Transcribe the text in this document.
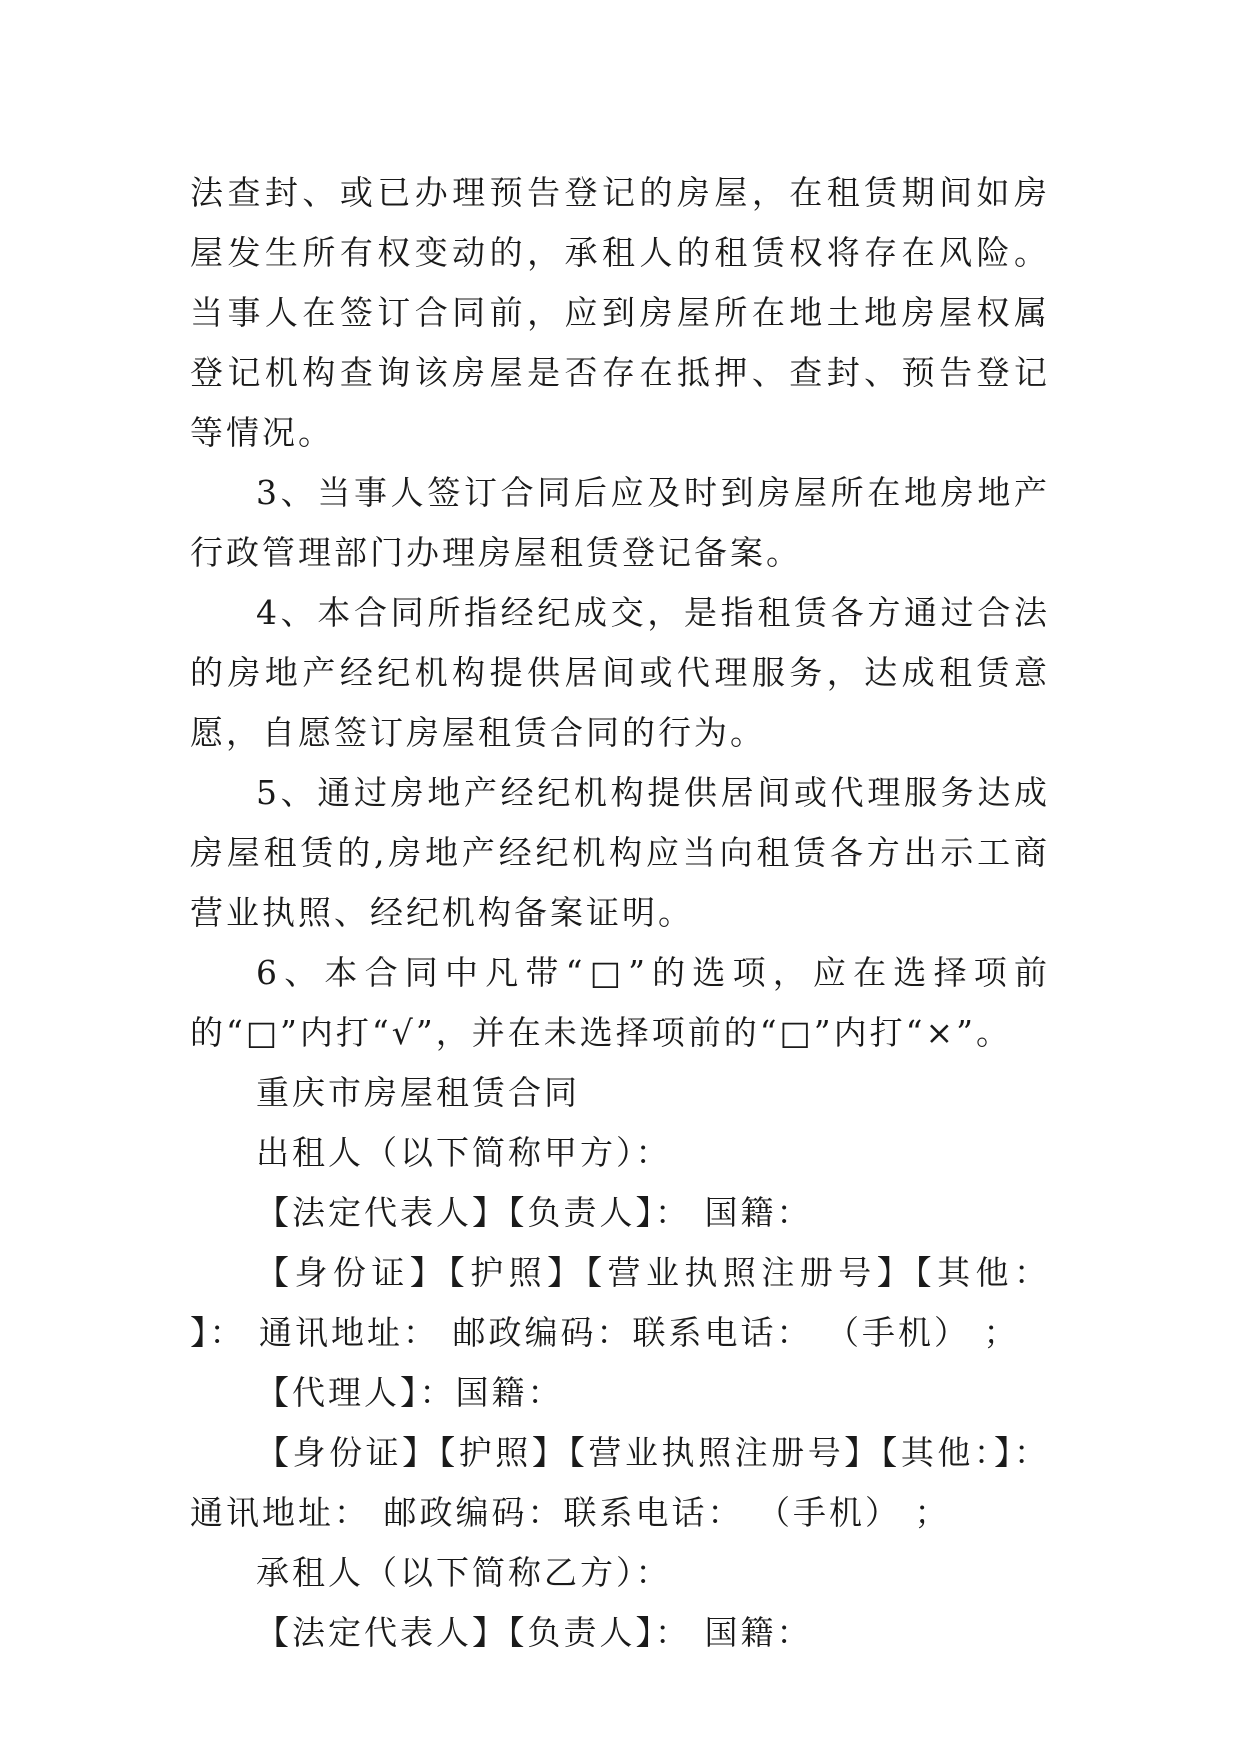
法查封、或已办理预告登记的房屋，在租赁期间如房屋发生所有权变动的，承租人的租赁权将存在风险。当事人在签订合同前，应到房屋所在地土地房屋权属登记机构查询该房屋是否存在抵押、查封、预告登记等情况。

3、当事人签订合同后应及时到房屋所在地房地产行政管理部门办理房屋租赁登记备案。

4、本合同所指经纪成交，是指租赁各方通过合法的房地产经纪机构提供居间或代理服务，达成租赁意愿，自愿签订房屋租赁合同的行为。

5、通过房地产经纪机构提供居间或代理服务达成房屋租赁的,房地产经纪机构应当向租赁各方出示工商营业执照、经纪机构备案证明。

6、本合同中凡带“□”的选项，应在选择项前的“□”内打“√”，并在未选择项前的“□”内打“×”。

重庆市房屋租赁合同

出租人（以下简称甲方）：

【法定代表人】【负责人】： 国籍：

【身份证】【护照】【营业执照注册号】【其他： 】： 通讯地址： 邮政编码：联系电话： （手机） ；

【代理人】：国籍：

【身份证】【护照】【营业执照注册号】【其他：】：通讯地址： 邮政编码：联系电话： （手机） ；

承租人（以下简称乙方）：

【法定代表人】【负责人】： 国籍：
